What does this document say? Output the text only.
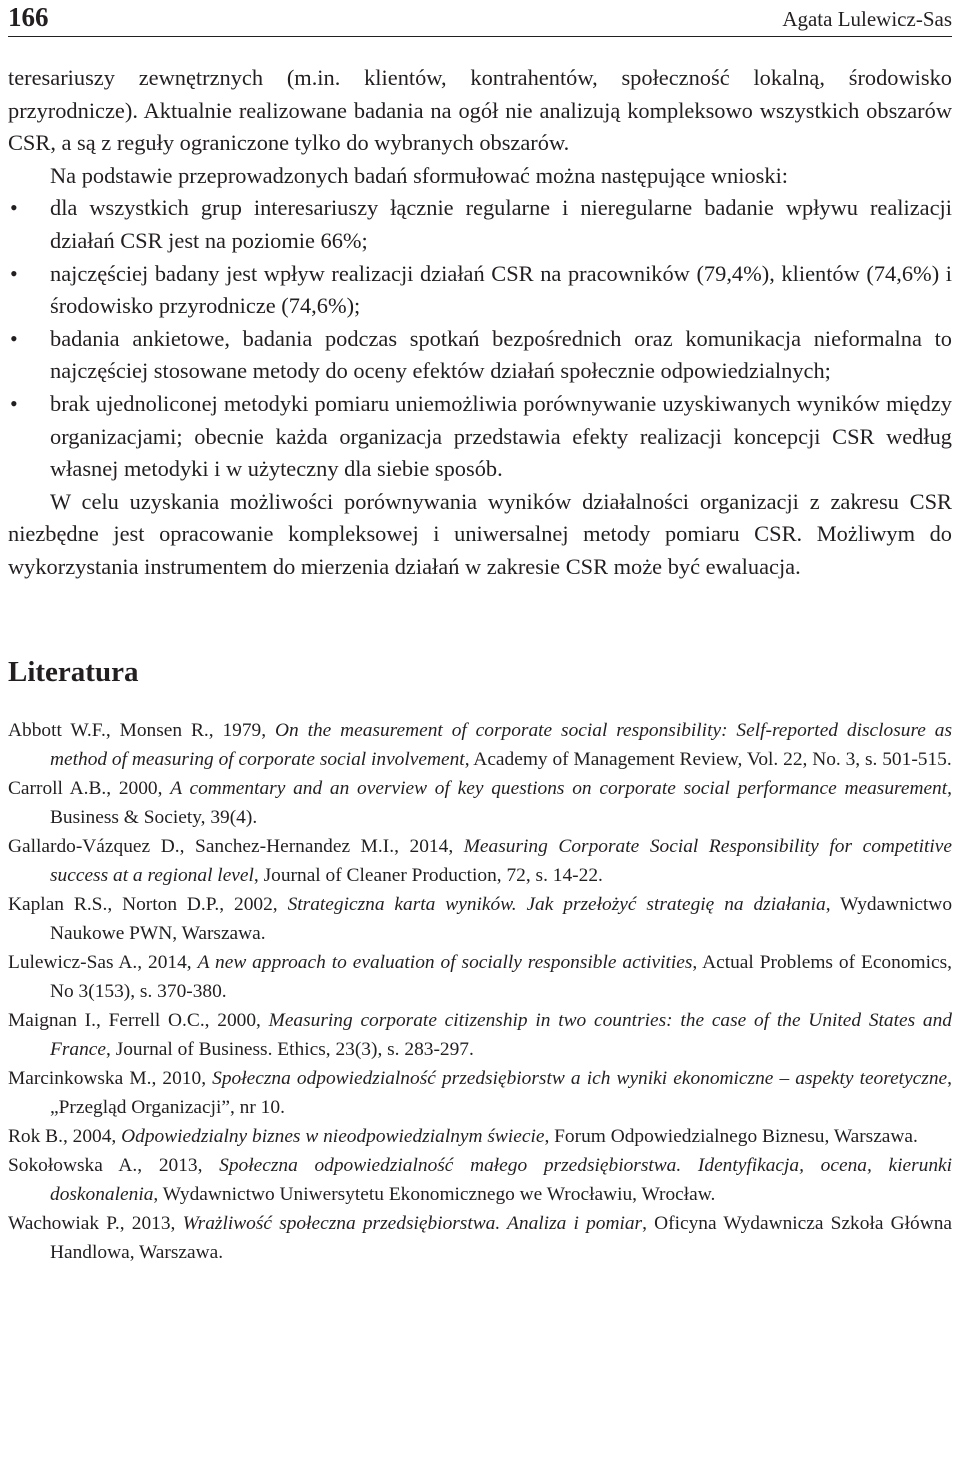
166	Agata Lulewicz-Sas

teresariuszy zewnętrznych (m.in. klientów, kontrahentów, społeczność lokalną, środowisko przyrodnicze). Aktualnie realizowane badania na ogół nie analizują kompleksowo wszystkich obszarów CSR, a są z reguły ograniczone tylko do wybranych obszarów.

Na podstawie przeprowadzonych badań sformułować można następujące wnioski:

• dla wszystkich grup interesariuszy łącznie regularne i nieregularne badanie wpływu realizacji działań CSR jest na poziomie 66%;
• najczęściej badany jest wpływ realizacji działań CSR na pracowników (79,4%), klientów (74,6%) i środowisko przyrodnicze (74,6%);
• badania ankietowe, badania podczas spotkań bezpośrednich oraz komunikacja nieformalna to najczęściej stosowane metody do oceny efektów działań społecznie odpowiedzialnych;
• brak ujednoliconej metodyki pomiaru uniemożliwia porównywanie uzyskiwanych wyników między organizacjami; obecnie każda organizacja przedstawia efekty realizacji koncepcji CSR według własnej metodyki i w użyteczny dla siebie sposób.

W celu uzyskania możliwości porównywania wyników działalności organizacji z zakresu CSR niezbędne jest opracowanie kompleksowej i uniwersalnej metody pomiaru CSR. Możliwym do wykorzystania instrumentem do mierzenia działań w zakresie CSR może być ewaluacja.

Literatura
Abbott W.F., Monsen R., 1979, On the measurement of corporate social responsibility: Self-reported disclosure as method of measuring of corporate social involvement, Academy of Management Review, Vol. 22, No. 3, s. 501-515.
Carroll A.B., 2000, A commentary and an overview of key questions on corporate social performance measurement, Business & Society, 39(4).
Gallardo-Vázquez D., Sanchez-Hernandez M.I., 2014, Measuring Corporate Social Responsibility for competitive success at a regional level, Journal of Cleaner Production, 72, s. 14-22.
Kaplan R.S., Norton D.P., 2002, Strategiczna karta wyników. Jak przełożyć strategię na działania, Wydawnictwo Naukowe PWN, Warszawa.
Lulewicz-Sas A., 2014, A new approach to evaluation of socially responsible activities, Actual Problems of Economics, No 3(153), s. 370-380.
Maignan I., Ferrell O.C., 2000, Measuring corporate citizenship in two countries: the case of the United States and France, Journal of Business. Ethics, 23(3), s. 283-297.
Marcinkowska M., 2010, Społeczna odpowiedzialność przedsiębiorstw a ich wyniki ekonomiczne – aspekty teoretyczne, „Przegląd Organizacji”, nr 10.
Rok B., 2004, Odpowiedzialny biznes w nieodpowiedzialnym świecie, Forum Odpowiedzialnego Biznesu, Warszawa.
Sokołowska A., 2013, Społeczna odpowiedzialność małego przedsiębiorstwa. Identyfikacja, ocena, kierunki doskonalenia, Wydawnictwo Uniwersytetu Ekonomicznego we Wrocławiu, Wrocław.
Wachowiak P., 2013, Wrażliwość społeczna przedsiębiorstwa. Analiza i pomiar, Oficyna Wydawnicza Szkoła Główna Handlowa, Warszawa.
